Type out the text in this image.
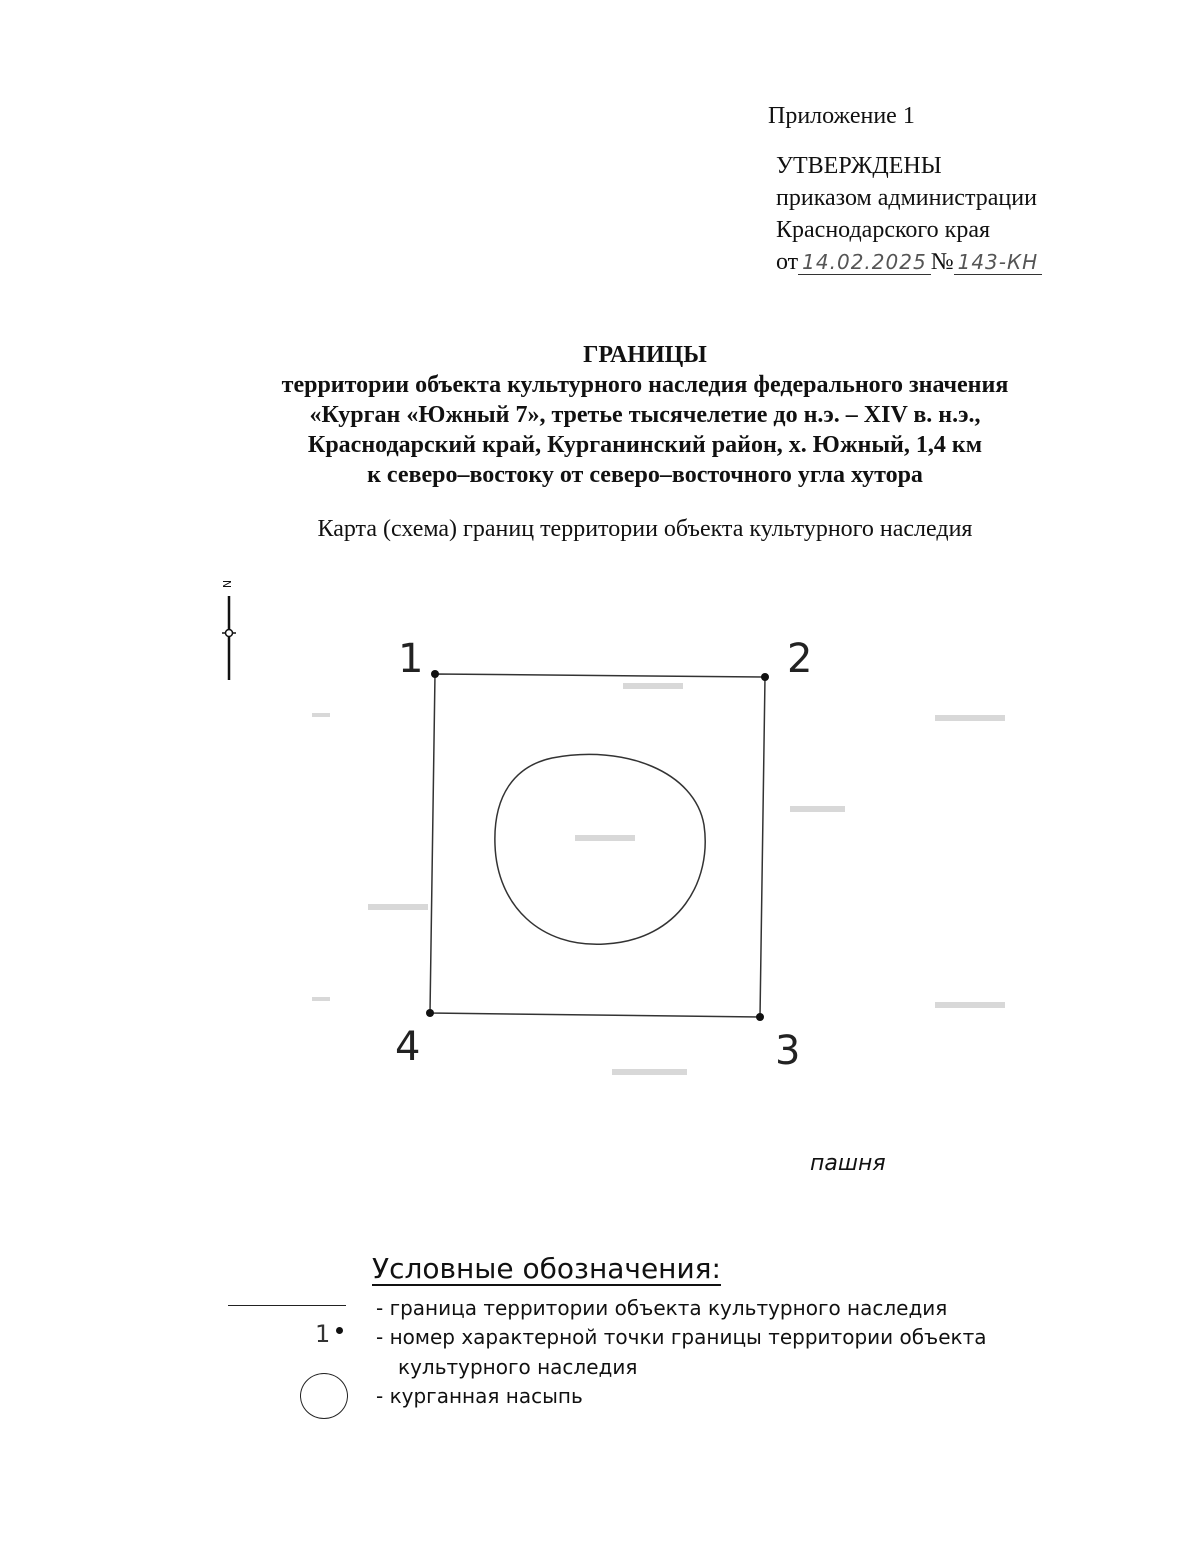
Приложение 1
УТВЕРЖДЕНЫ
приказом администрации
Краснодарского края
от 14.02.2025 № 143-КН
ГРАНИЦЫ
территории объекта культурного наследия федерального значения
«Курган «Южный 7», третье тысячелетие до н.э. – XIV в. н.э.,
Краснодарский край, Курганинский район, х. Южный, 1,4 км
к северо–востоку от северо–восточного угла хутора
Карта (схема) границ территории объекта культурного наследия
N
1	2
3
4
пашня
Условные обозначения:
- граница территории объекта культурного наследия
1	- номер характерной точки границы территории объекта
культурного наследия
- курганная насыпь
